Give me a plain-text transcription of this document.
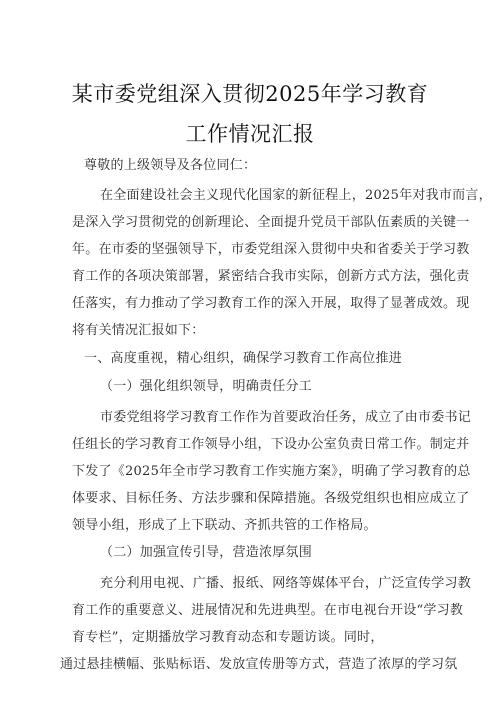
某市委党组深入贯彻2025年学习教育
工作情况汇报
尊敬的上级领导及各位同仁：
在全面建设社会主义现代化国家的新征程上，2025年对我市而言，
是深入学习贯彻党的创新理论、全面提升党员干部队伍素质的关键一
年。在市委的坚强领导下，市委党组深入贯彻中央和省委关于学习教
育工作的各项决策部署，紧密结合我市实际，创新方式方法，强化责
任落实，有力推动了学习教育工作的深入开展，取得了显著成效。现
将有关情况汇报如下：
一、高度重视，精心组织，确保学习教育工作高位推进
（一）强化组织领导，明确责任分工
市委党组将学习教育工作作为首要政治任务，成立了由市委书记
任组长的学习教育工作领导小组，下设办公室负责日常工作。制定并
下发了《2025年全市学习教育工作实施方案》，明确了学习教育的总
体要求、目标任务、方法步骤和保障措施。各级党组织也相应成立了
领导小组，形成了上下联动、齐抓共管的工作格局。
（二）加强宣传引导，营造浓厚氛围
充分利用电视、广播、报纸、网络等媒体平台，广泛宣传学习教
育工作的重要意义、进展情况和先进典型。在市电视台开设“学习教
育专栏”，定期播放学习教育动态和专题访谈。同时，
通过悬挂横幅、张贴标语、发放宣传册等方式，营造了浓厚的学习氛
